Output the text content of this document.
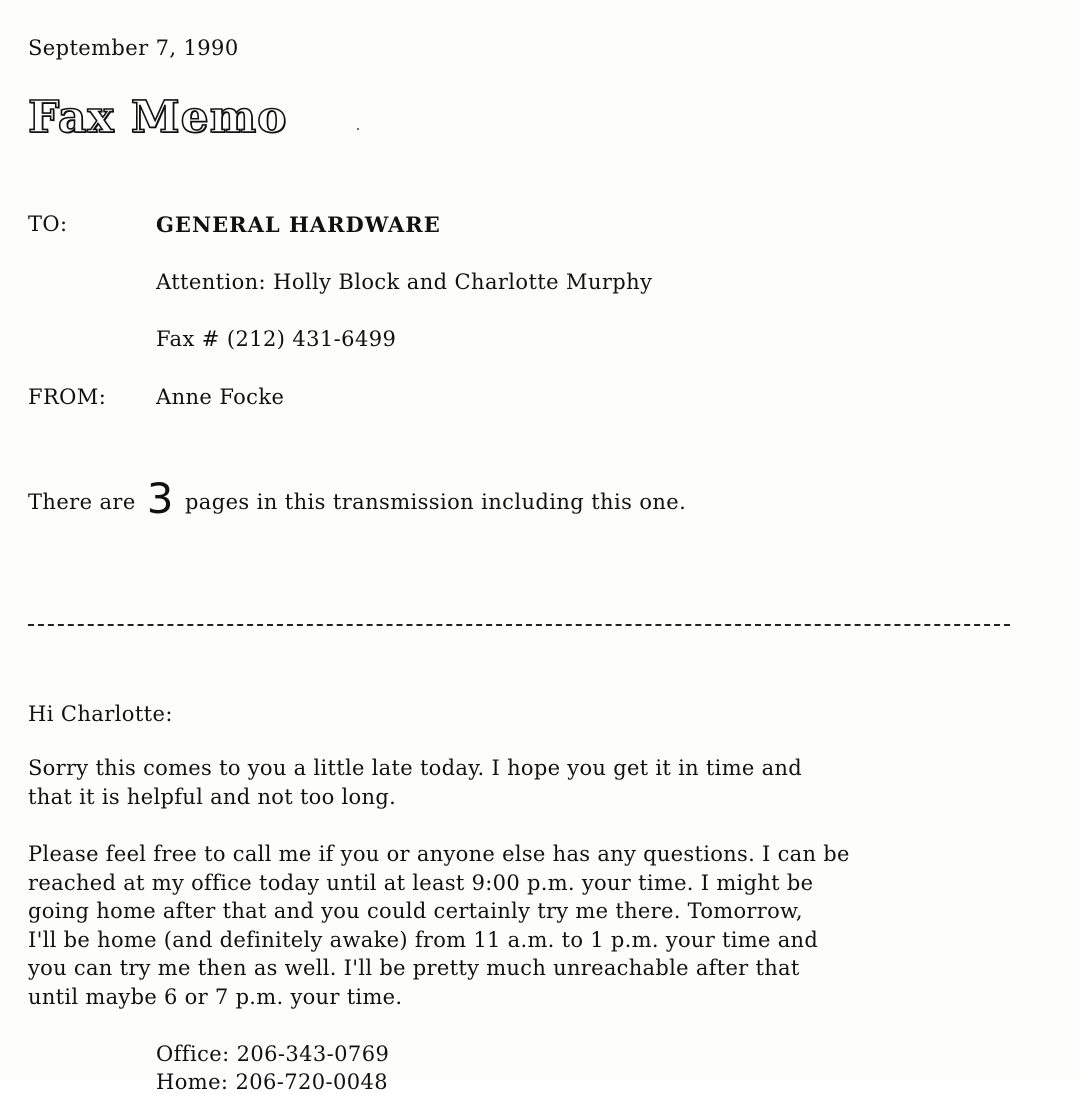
September 7, 1990
Fax Memo
TO:	GENERAL HARDWARE
Attention: Holly Block and Charlotte Murphy
Fax # (212) 431-6499
FROM: Anne Focke
There are 3 pages in this transmission including this one.
Hi Charlotte:
Sorry this comes to you a little late today. I hope you get it in time and
that it is helpful and not too long.
Please feel free to call me if you or anyone else has any questions. I can be
reached at my office today until at least 9:00 p.m. your time. I might be
going home after that and you could certainly try me there. Tomorrow,
I'll be home (and definitely awake) from 11 a.m. to 1 p.m. your time and
you can try me then as well. I'll be pretty much unreachable after that
until maybe 6 or 7 p.m. your time.
Office: 206-343-0769
Home: 206-720-0048
